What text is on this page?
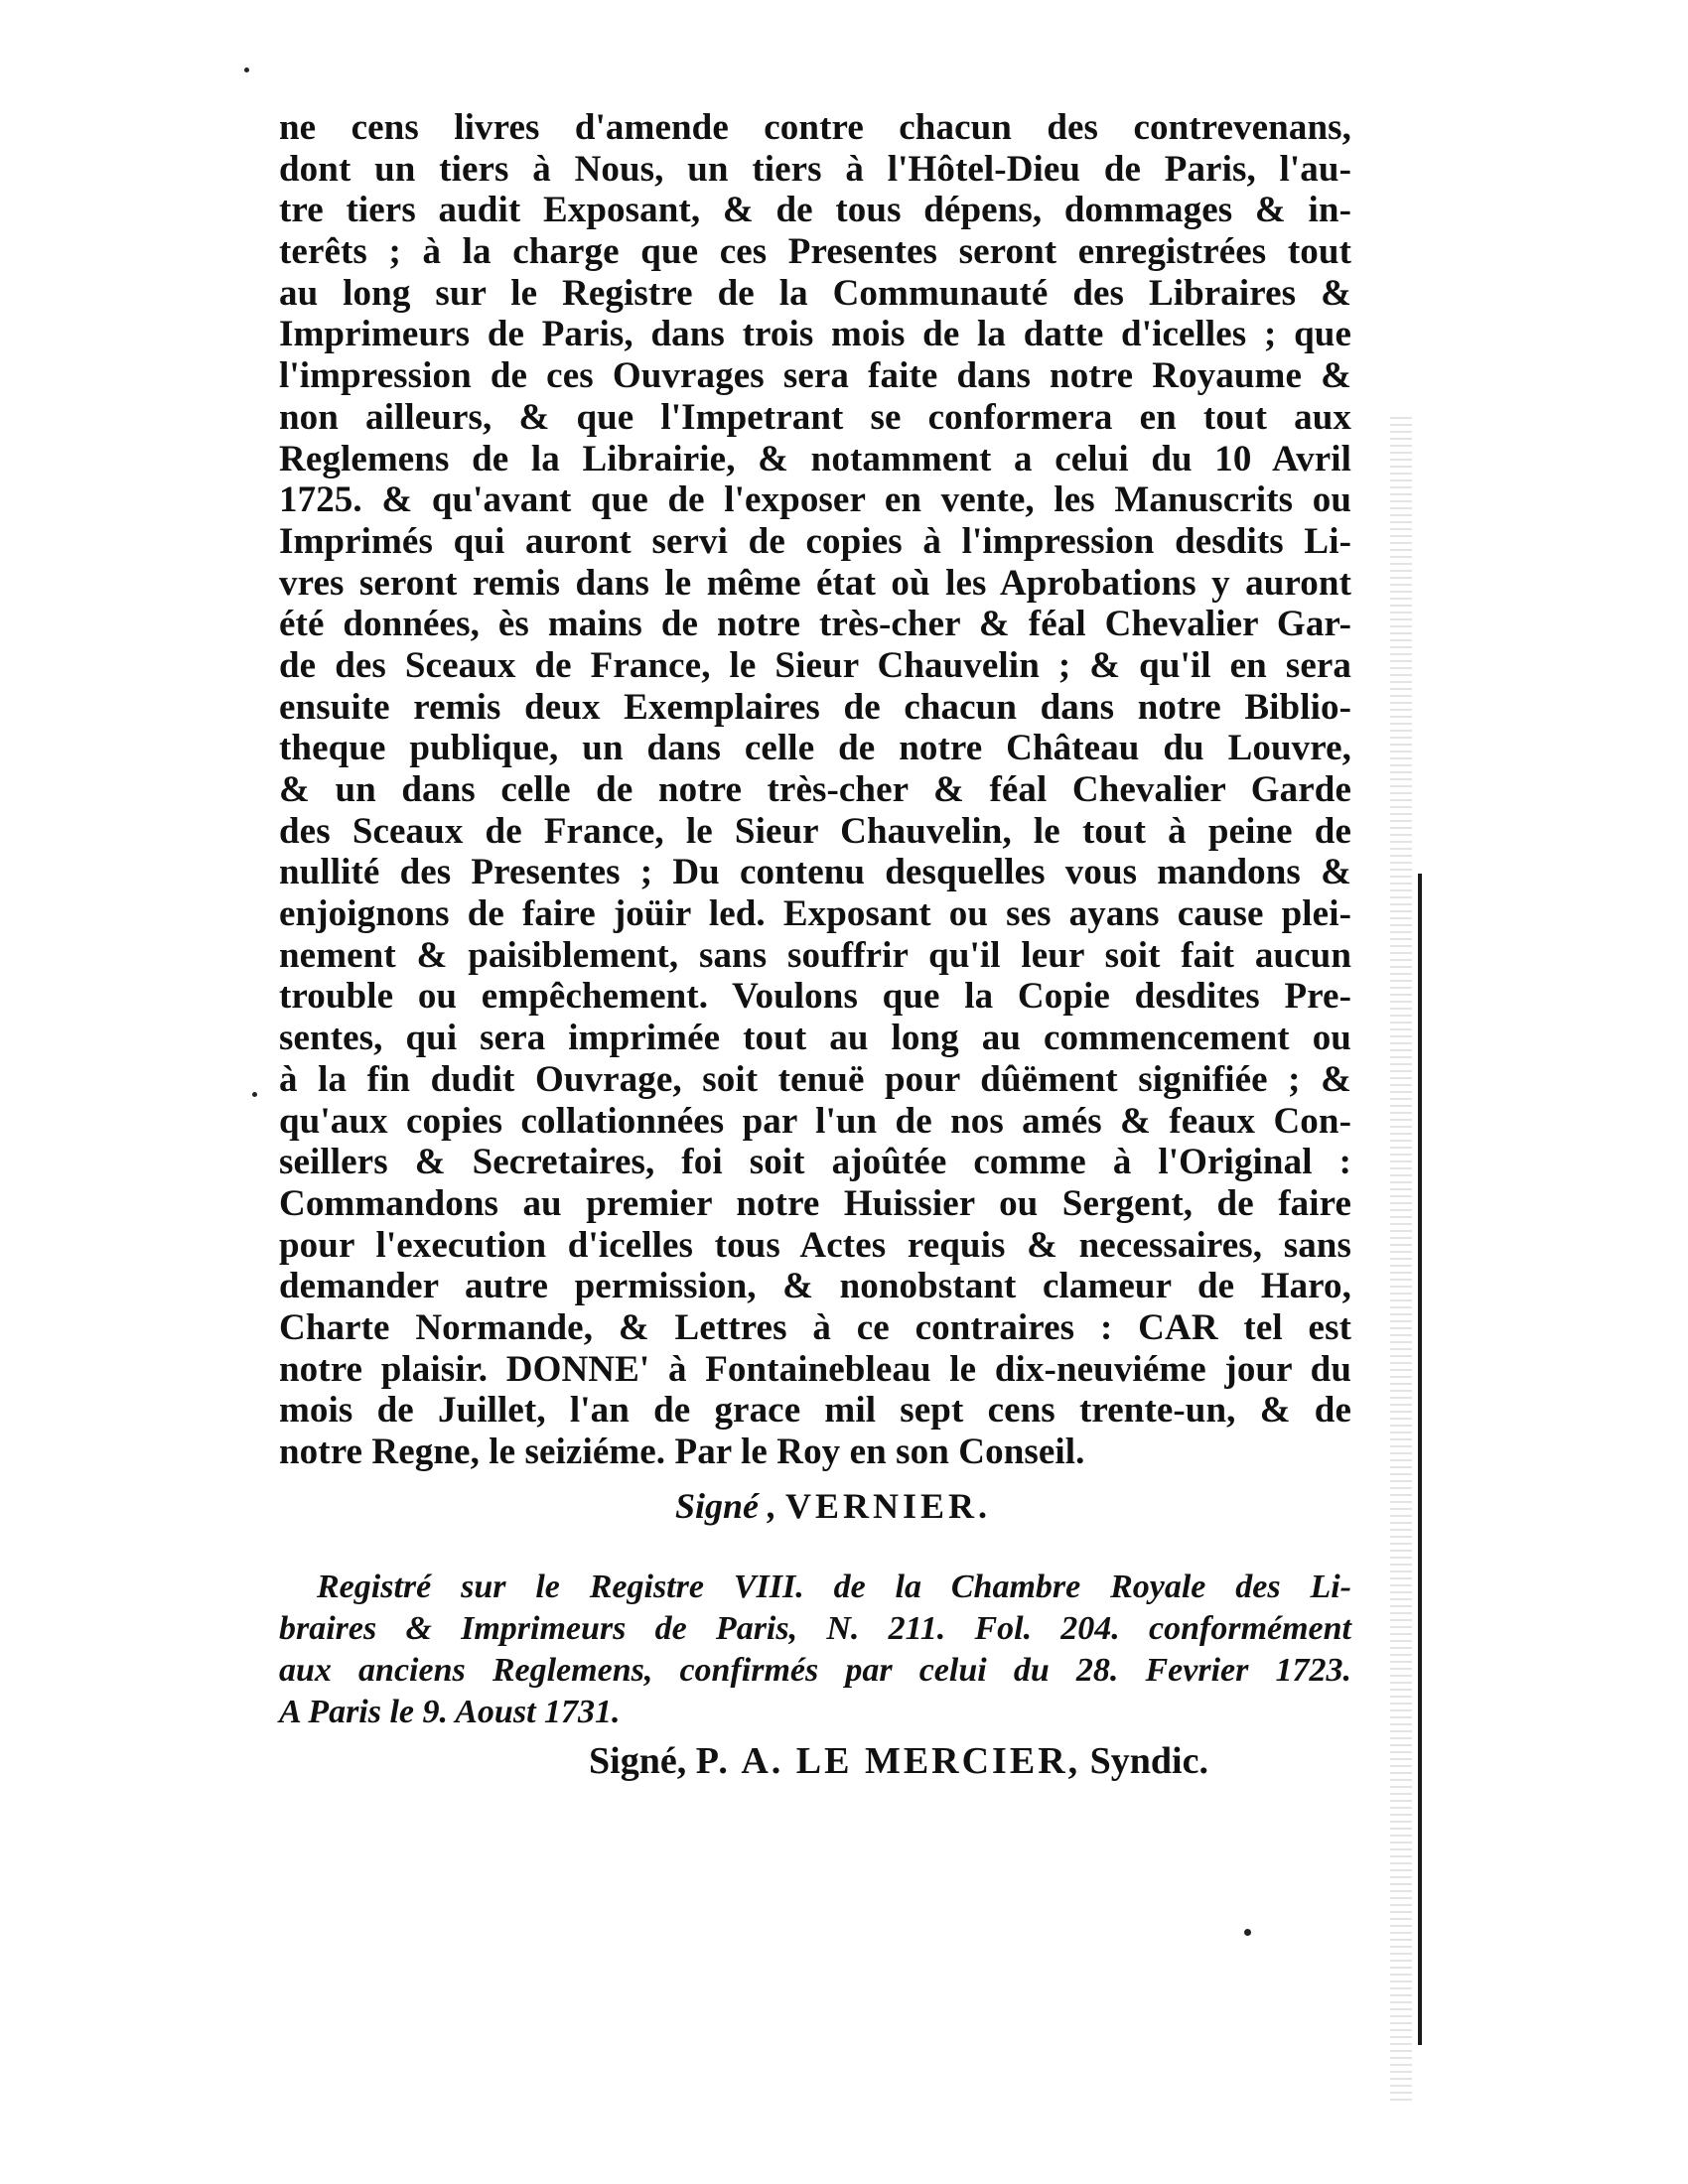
ne cens livres d'amende contre chacun des contrevenans,
dont un tiers à Nous, un tiers à l'Hôtel-Dieu de Paris, l'au-
tre tiers audit Exposant, & de tous dépens, dommages & in-
terêts ; à la charge que ces Presentes seront enregistrées tout
au long sur le Registre de la Communauté des Libraires &
Imprimeurs de Paris, dans trois mois de la datte d'icelles ; que
l'impression de ces Ouvrages sera faite dans notre Royaume &
non ailleurs, & que l'Impetrant se conformera en tout aux
Reglemens de la Librairie, & notamment a celui du 10 Avril
1725. & qu'avant que de l'exposer en vente, les Manuscrits ou
Imprimés qui auront servi de copies à l'impression desdits Li-
vres seront remis dans le même état où les Aprobations y auront
été données, ès mains de notre très-cher & féal Chevalier Gar-
de des Sceaux de France, le Sieur Chauvelin ; & qu'il en sera
ensuite remis deux Exemplaires de chacun dans notre Biblio-
theque publique, un dans celle de notre Château du Louvre,
& un dans celle de notre très-cher & féal Chevalier Garde
des Sceaux de France, le Sieur Chauvelin, le tout à peine de
nullité des Presentes ; Du contenu desquelles vous mandons &
enjoignons de faire joüir led. Exposant ou ses ayans cause plei-
nement & paisiblement, sans souffrir qu'il leur soit fait aucun
trouble ou empêchement. Voulons que la Copie desdites Pre-
sentes, qui sera imprimée tout au long au commencement ou
à la fin dudit Ouvrage, soit tenuë pour dûëment signifiée ; &
qu'aux copies collationnées par l'un de nos amés & feaux Con-
seillers & Secretaires, foi soit ajoûtée comme à l'Original :
Commandons au premier notre Huissier ou Sergent, de faire
pour l'execution d'icelles tous Actes requis & necessaires, sans
demander autre permission, & nonobstant clameur de Haro,
Charte Normande, & Lettres à ce contraires : CAR tel est
notre plaisir. DONNE' à Fontainebleau le dix-neuviéme jour du
mois de Juillet, l'an de grace mil sept cens trente-un, & de
notre Regne, le seiziéme. Par le Roy en son Conseil.
Signé , VERNIER.
Registré sur le Registre VIII. de la Chambre Royale des Li-
braires & Imprimeurs de Paris, N. 211. Fol. 204. conformément
aux anciens Reglemens, confirmés par celui du 28. Fevrier 1723.
A Paris le 9. Aoust 1731.
Signé, P. A. LE MERCIER, Syndic.
